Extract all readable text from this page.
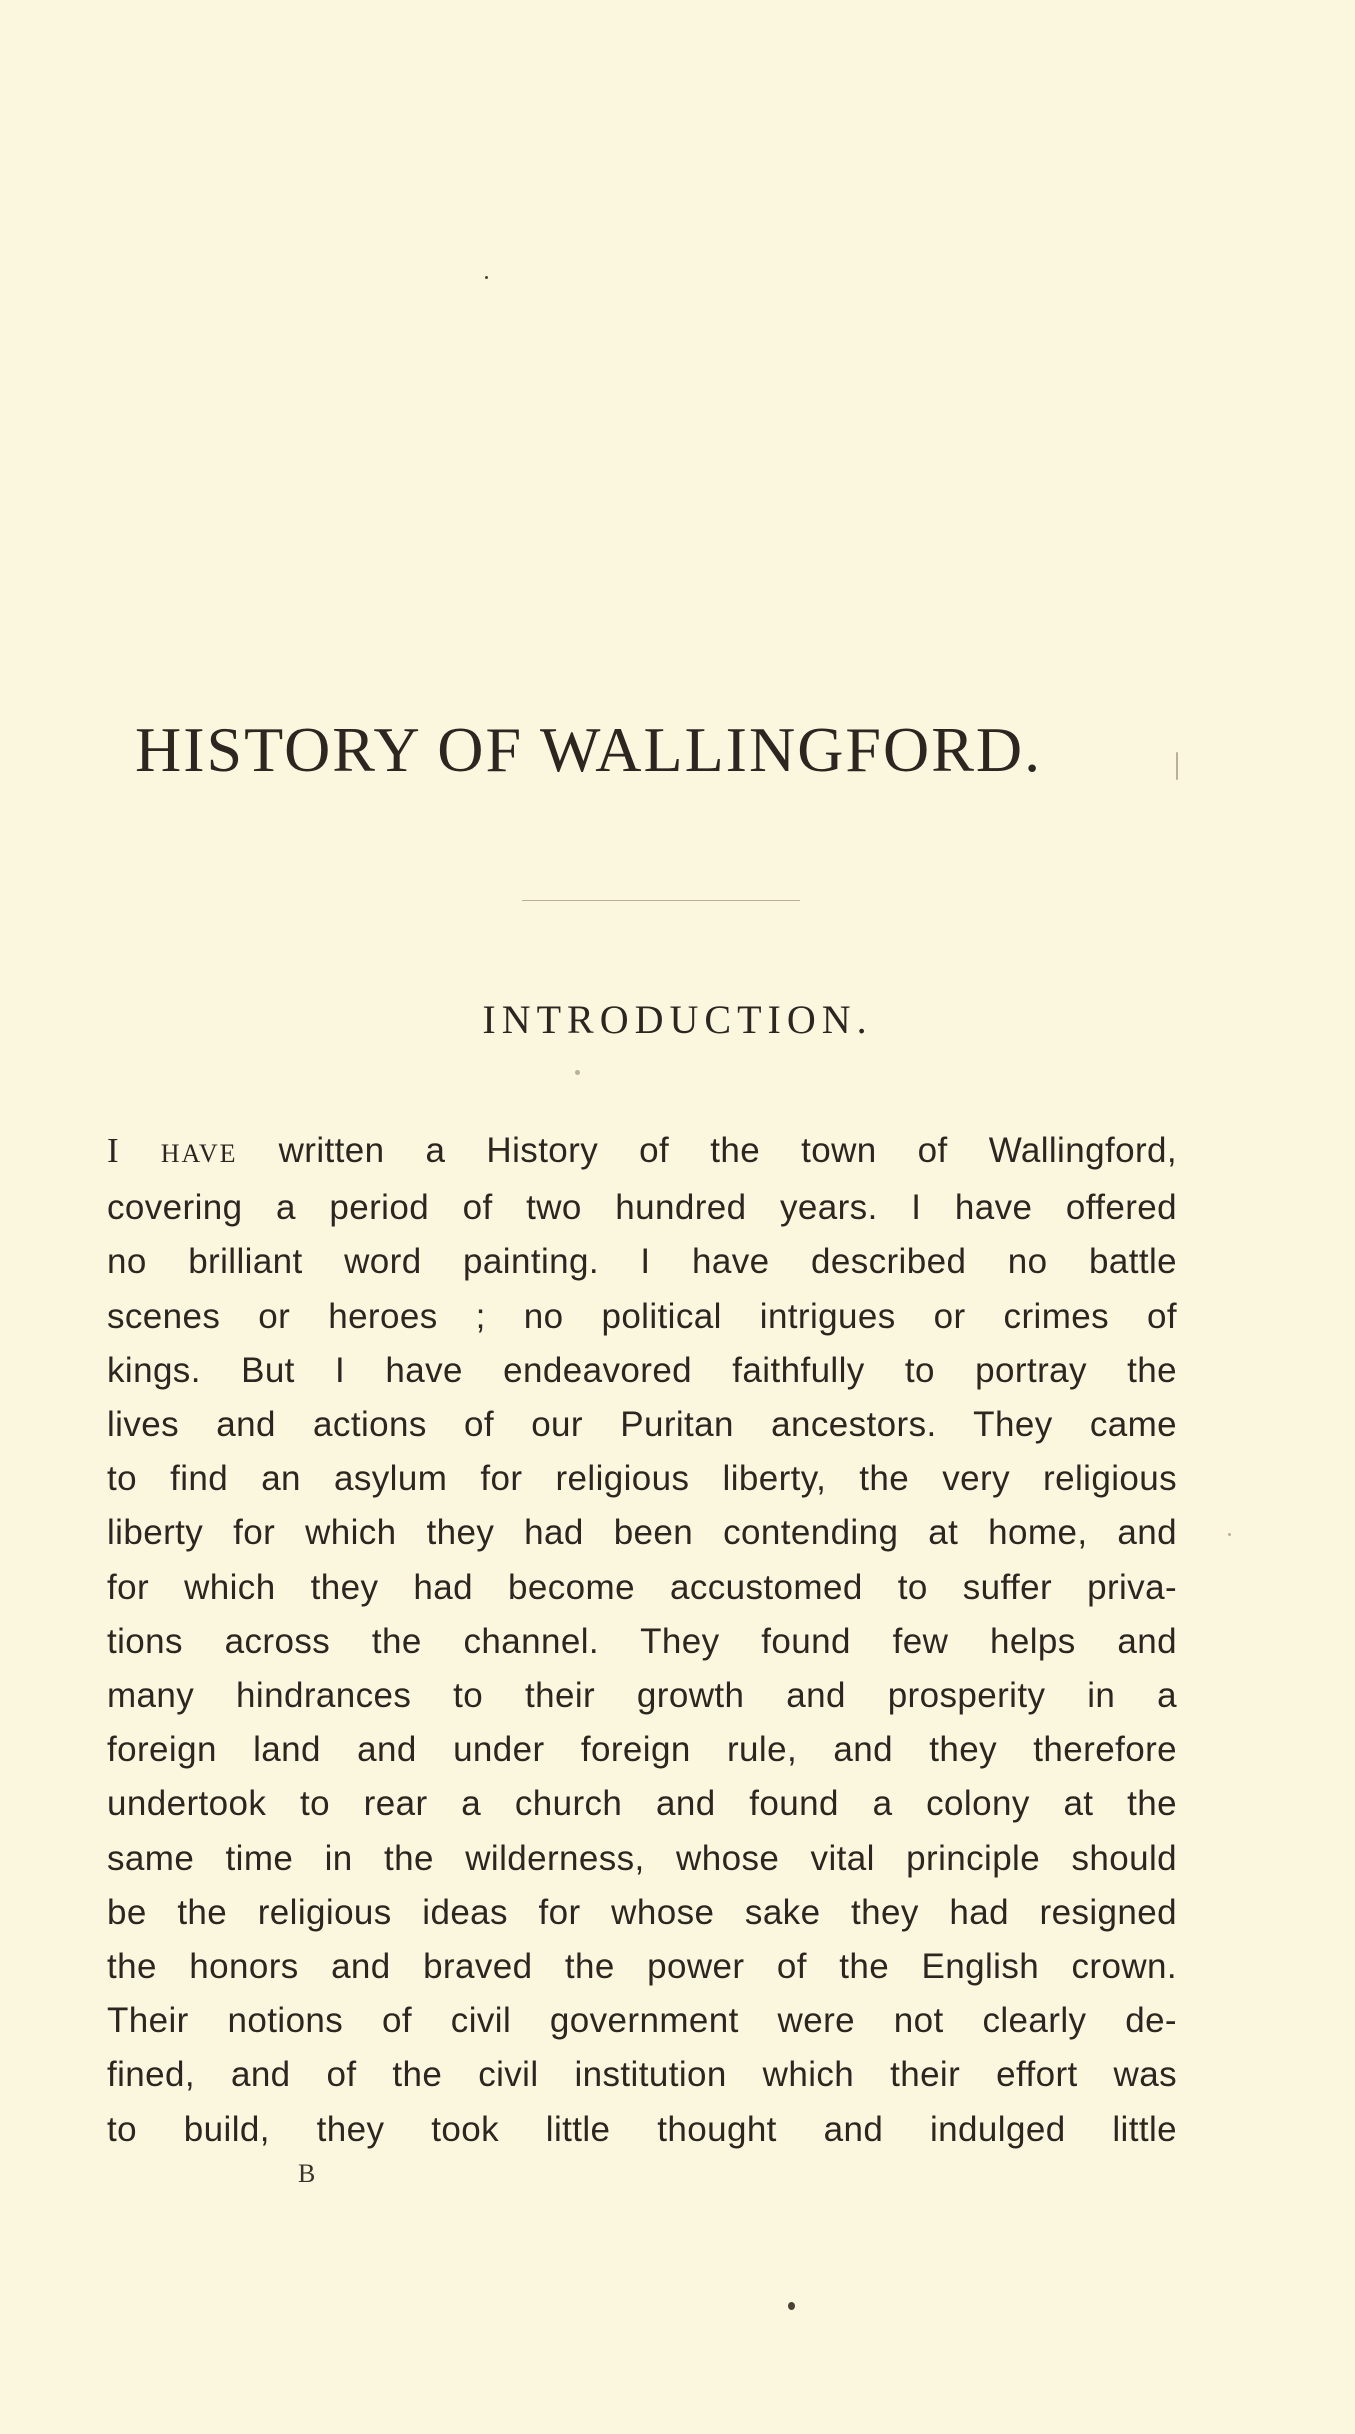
HISTORY OF WALLINGFORD.
INTRODUCTION.
I HAVE written a History of the town of Wallingford,
covering a period of two hundred years. I have offered
no brilliant word painting. I have described no battle
scenes or heroes ; no political intrigues or crimes of
kings. But I have endeavored faithfully to portray the
lives and actions of our Puritan ancestors. They came
to find an asylum for religious liberty, the very religious
liberty for which they had been contending at home, and
for which they had become accustomed to suffer priva-
tions across the channel. They found few helps and
many hindrances to their growth and prosperity in a
foreign land and under foreign rule, and they therefore
undertook to rear a church and found a colony at the
same time in the wilderness, whose vital principle should
be the religious ideas for whose sake they had resigned
the honors and braved the power of the English crown.
Their notions of civil government were not clearly de-
fined, and of the civil institution which their effort was
to build, they took little thought and indulged little
B
